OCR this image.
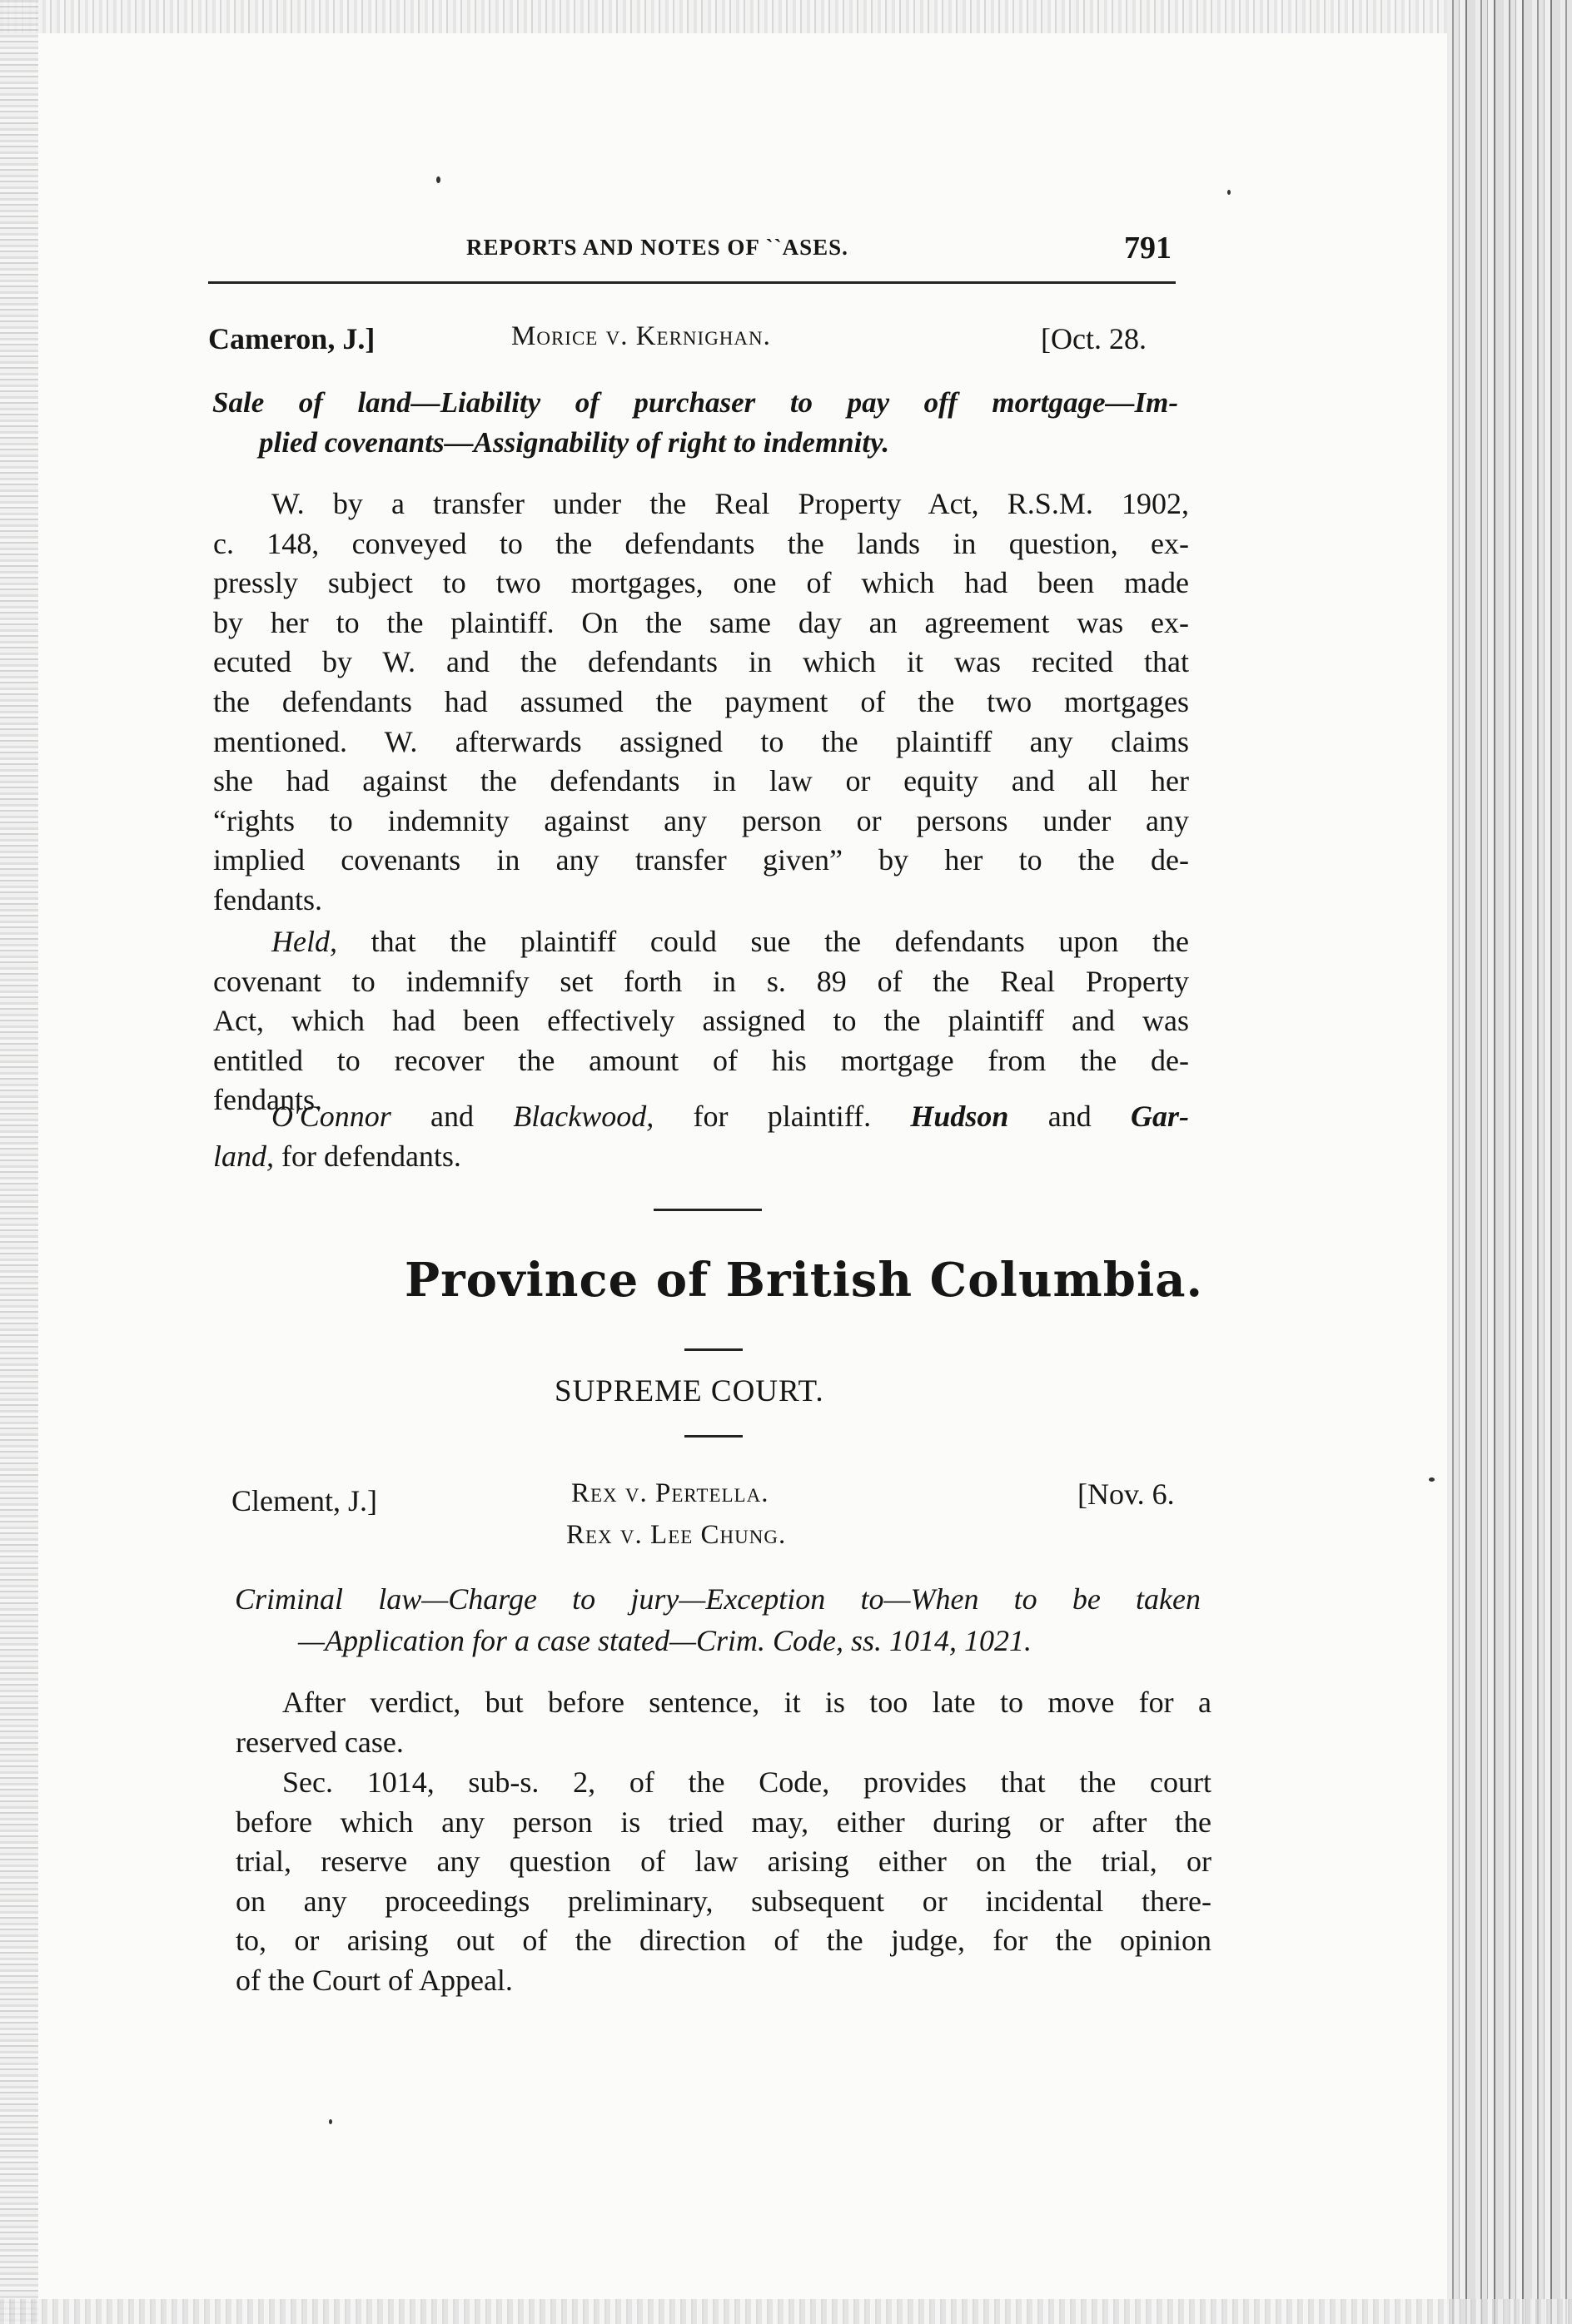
REPORTS AND NOTES OF ⁠`⁠`ASES.	791
Cameron, J.]	Morice v. Kernighan.	[Oct. 28.
Sale of land—Liability of purchaser to pay off mortgage—Im-
plied covenants—Assignability of right to indemnity.
W. by a transfer under the Real Property Act, R.S.M. 1902,
c. 148, conveyed to the defendants the lands in question, ex-
pressly subject to two mortgages, one of which had been made
by her to the plaintiff. On the same day an agreement was ex-
ecuted by W. and the defendants in which it was recited that
the defendants had assumed the payment of the two mortgages
mentioned. W. afterwards assigned to the plaintiff any claims
she had against the defendants in law or equity and all her
“rights to indemnity against any person or persons under any
implied covenants in any transfer given” by her to the de-
fendants.
Held, that the plaintiff could sue the defendants upon the
covenant to indemnify set forth in s. 89 of the Real Property
Act, which had been effectively assigned to the plaintiff and was
entitled to recover the amount of his mortgage from the de-
fendants.
O'Connor and Blackwood, for plaintiff. Hudson and Gar-
land, for defendants.
Province of British Columbia.
SUPREME COURT.
Clement, J.]	Rex v. Pertella.
Rex v. Lee Chung.
[Nov. 6.
Criminal law—Charge to jury—Exception to—When to be taken
—Application for a case stated—Crim. Code, ss. 1014, 1021.
After verdict, but before sentence, it is too late to move for a
reserved case.
Sec. 1014, sub-s. 2, of the Code, provides that the court
before which any person is tried may, either during or after the
trial, reserve any question of law arising either on the trial, or
on any proceedings preliminary, subsequent or incidental there-
to, or arising out of the direction of the judge, for the opinion
of the Court of Appeal.
